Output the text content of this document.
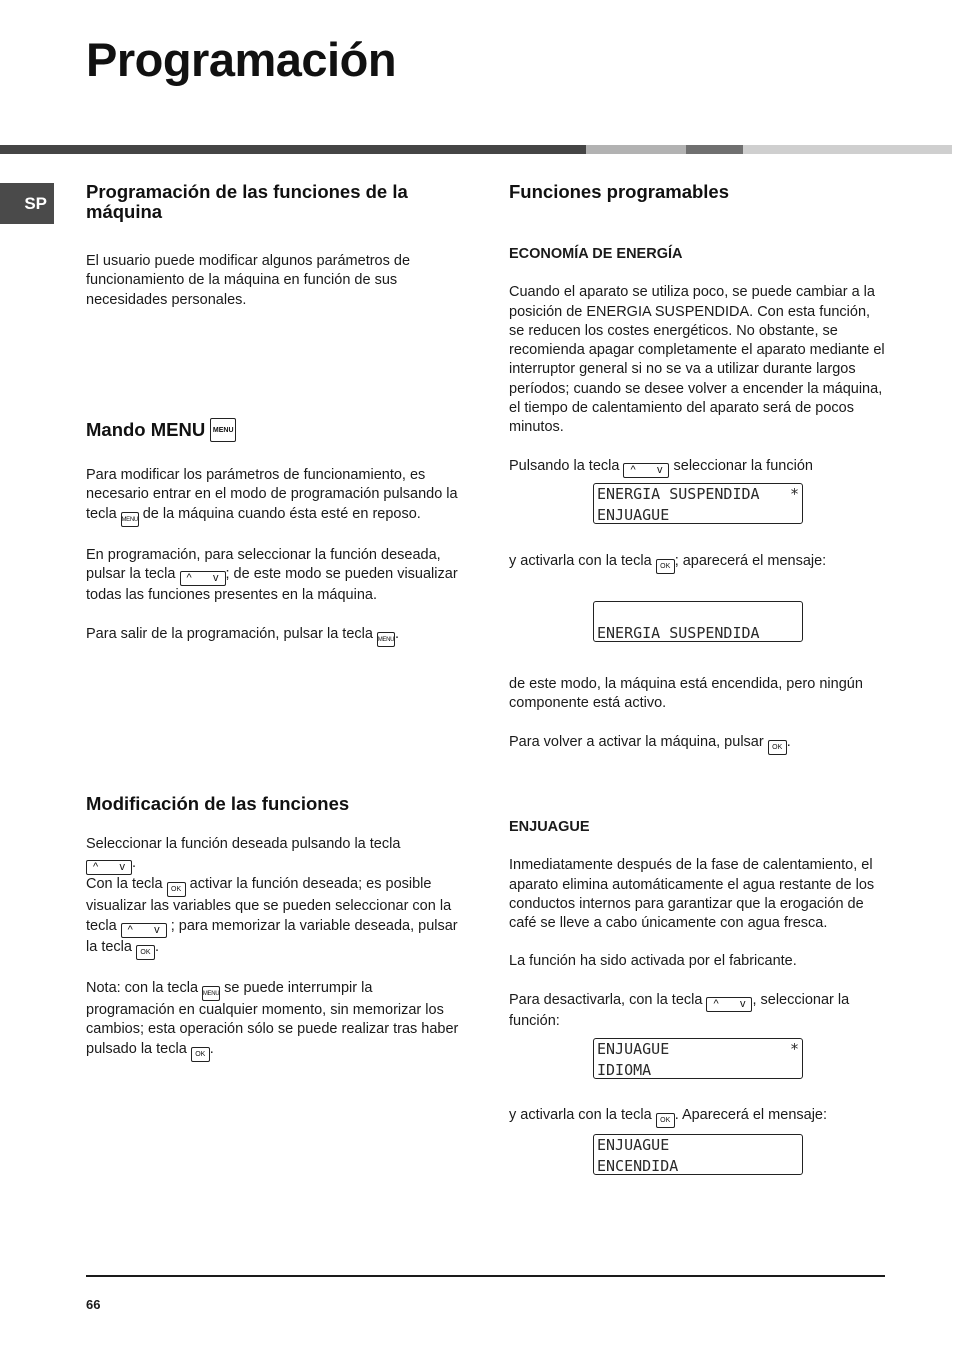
Programación
SP
Programación de las funciones de la máquina

El usuario puede modificar algunos parámetros de funcionamiento de la máquina en función de sus necesidades personales.

Mando MENU	MENU

Para modificar los parámetros de funcionamiento, es necesario entrar en el modo de programación pulsando la tecla MENU de la máquina cuando ésta esté en reposo.

En programación, para seleccionar la función deseada, pulsar la tecla ^ v ; de este modo se pueden visualizar todas las funciones presentes en la máquina.

Para salir de la programación, pulsar la tecla MENU.

Modificación de las funciones

Seleccionar la función deseada pulsando la tecla

^ v .
Con la tecla OK activar la función deseada; es posible visualizar las variables que se pueden seleccionar con la tecla ^ v ; para memorizar la variable deseada, pulsar la tecla OK .

Nota: con la tecla MENU se puede interrumpir la programación en cualquier momento, sin memorizar los cambios; esta operación sólo se puede realizar tras haber pulsado la tecla OK .

Funciones programables

ECONOMÍA DE ENERGÍA

Cuando el aparato se utiliza poco, se puede cambiar a la posición de ENERGIA SUSPENDIDA. Con esta función, se reducen los costes energéticos. No obstante, se recomienda apagar completamente el aparato mediante el interruptor general si no se va a utilizar durante largos períodos; cuando se desee volver a encender la máquina, el tiempo de calentamiento del aparato será de pocos minutos.

Pulsando la tecla ^ v seleccionar la función

ENERGIA SUSPENDIDA *
ENJUAGUE

y activarla con la tecla OK ; aparecerá el mensaje:

ENERGIA SUSPENDIDA

de este modo, la máquina está encendida, pero ningún componente está activo.

Para volver a activar la máquina, pulsar OK .

ENJUAGUE

Inmediatamente después de la fase de calentamiento, el aparato elimina automáticamente el agua restante de los conductos internos para garantizar que la erogación de café se lleve a cabo únicamente con agua fresca.

La función ha sido activada por el fabricante.

Para desactivarla, con la tecla ^ v , seleccionar la función:

ENJUAGUE	*
IDIOMA

y activarla con la tecla OK . Aparecerá el mensaje:

ENJUAGUE
ENCENDIDA
66
